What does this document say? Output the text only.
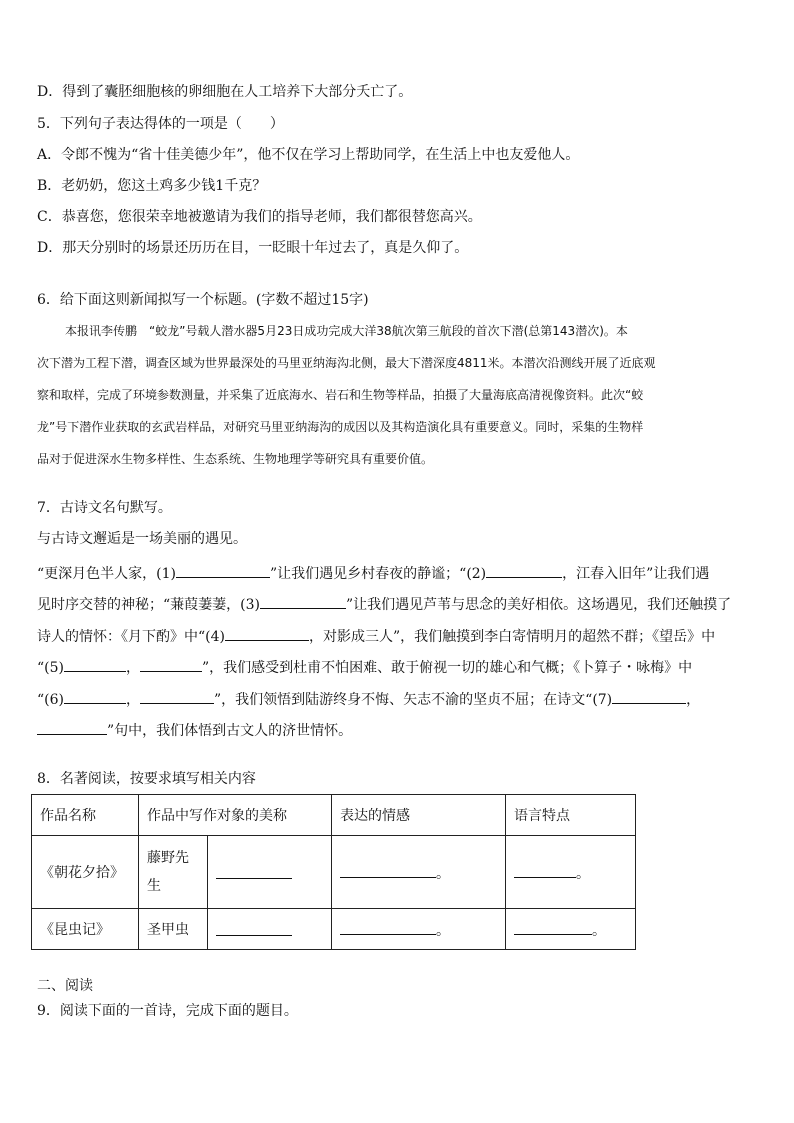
D．得到了囊胚细胞核的卵细胞在人工培养下大部分夭亡了。
5．下列句子表达得体的一项是（　　）
A．令郎不愧为“省十佳美德少年”，他不仅在学习上帮助同学，在生活上中也友爱他人。
B．老奶奶，您这土鸡多少钱1千克？
C．恭喜您，您很荣幸地被邀请为我们的指导老师，我们都很替您高兴。
D．那天分别时的场景还历历在目，一眨眼十年过去了，真是久仰了。
6．给下面这则新闻拟写一个标题。(字数不超过15字)
本报讯李传鹏　“蛟龙”号载人潜水器5月23日成功完成大洋38航次第三航段的首次下潜(总第143潜次)。本
次下潜为工程下潜，调查区域为世界最深处的马里亚纳海沟北侧，最大下潜深度4811米。本潜次沿测线开展了近底观
察和取样，完成了环境参数测量，并采集了近底海水、岩石和生物等样品，拍摄了大量海底高清视像资料。此次“蛟
龙”号下潜作业获取的玄武岩样品，对研究马里亚纳海沟的成因以及其构造演化具有重要意义。同时，采集的生物样
品对于促进深水生物多样性、生态系统、生物地理学等研究具有重要价值。
7．古诗文名句默写。
与古诗文邂逅是一场美丽的遇见。
“更深月色半人家，(1)	”让我们遇见乡村春夜的静谧；“(2)	，江春入旧年”让我们遇
见时序交替的神秘；“蒹葭萋萋，(3)	”让我们遇见芦苇与思念的美好相依。这场遇见，我们还触摸了
诗人的情怀：《月下酌》中“(4)	，对影成三人”，我们触摸到李白寄情明月的超然不群；《望岳》中
“(5)	，	”，我们感受到杜甫不怕困难、敢于俯视一切的雄心和气概；《卜算子・咏梅》中
“(6)	，	”，我们领悟到陆游终身不悔、矢志不渝的坚贞不屈；在诗文“(7)	，
”句中，我们体悟到古文人的济世情怀。
8．名著阅读，按要求填写相关内容
作品名称	作品中写作对象的美称		表达的情感	语言特点
《朝花夕拾》	藤野先
生		。	。
《昆虫记》	圣甲虫		。	。
二、阅读
9．阅读下面的一首诗，完成下面的题目。
